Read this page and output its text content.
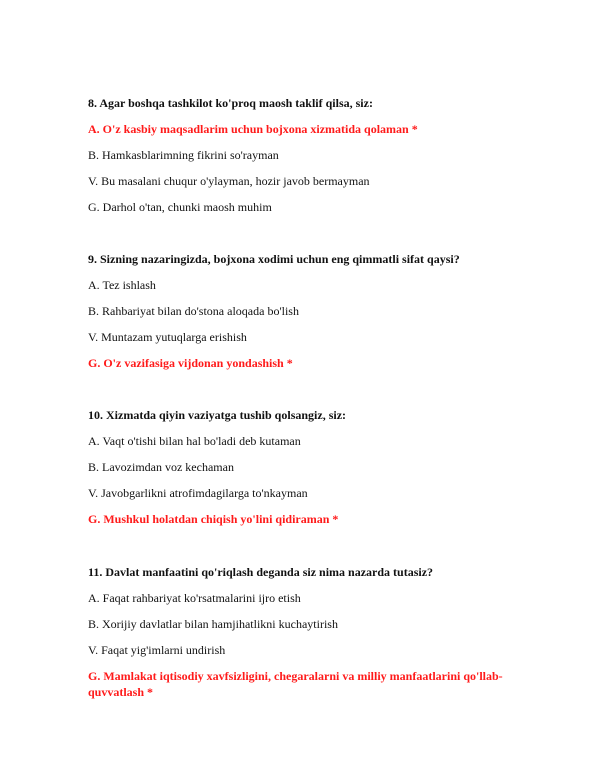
8. Agar boshqa tashkilot ko'proq maosh taklif qilsa, siz:
A. O'z kasbiy maqsadlarim uchun bojxona xizmatida qolaman *
B. Hamkasblarimning fikrini so'rayman
V. Bu masalani chuqur o'ylayman, hozir javob bermayman
G. Darhol o'tan, chunki maosh muhim
9. Sizning nazaringizda, bojxona xodimi uchun eng qimmatli sifat qaysi?
A. Tez ishlash
B. Rahbariyat bilan do'stona aloqada bo'lish
V. Muntazam yutuqlarga erishish
G. O'z vazifasiga vijdonan yondashish *
10. Xizmatda qiyin vaziyatga tushib qolsangiz, siz:
A. Vaqt o'tishi bilan hal bo'ladi deb kutaman
B. Lavozimdan voz kechaman
V. Javobgarlikni atrofimdagilarga to'nkayman
G. Mushkul holatdan chiqish yo'lini qidiraman *
11. Davlat manfaatini qo'riqlash deganda siz nima nazarda tutasiz?
A. Faqat rahbariyat ko'rsatmalarini ijro etish
B. Xorijiy davlatlar bilan hamjihatlikni kuchaytirish
V. Faqat yig'imlarni undirish
G. Mamlakat iqtisodiy xavfsizligini, chegaralarni va milliy manfaatlarini qo'llab-quvvatlash *
